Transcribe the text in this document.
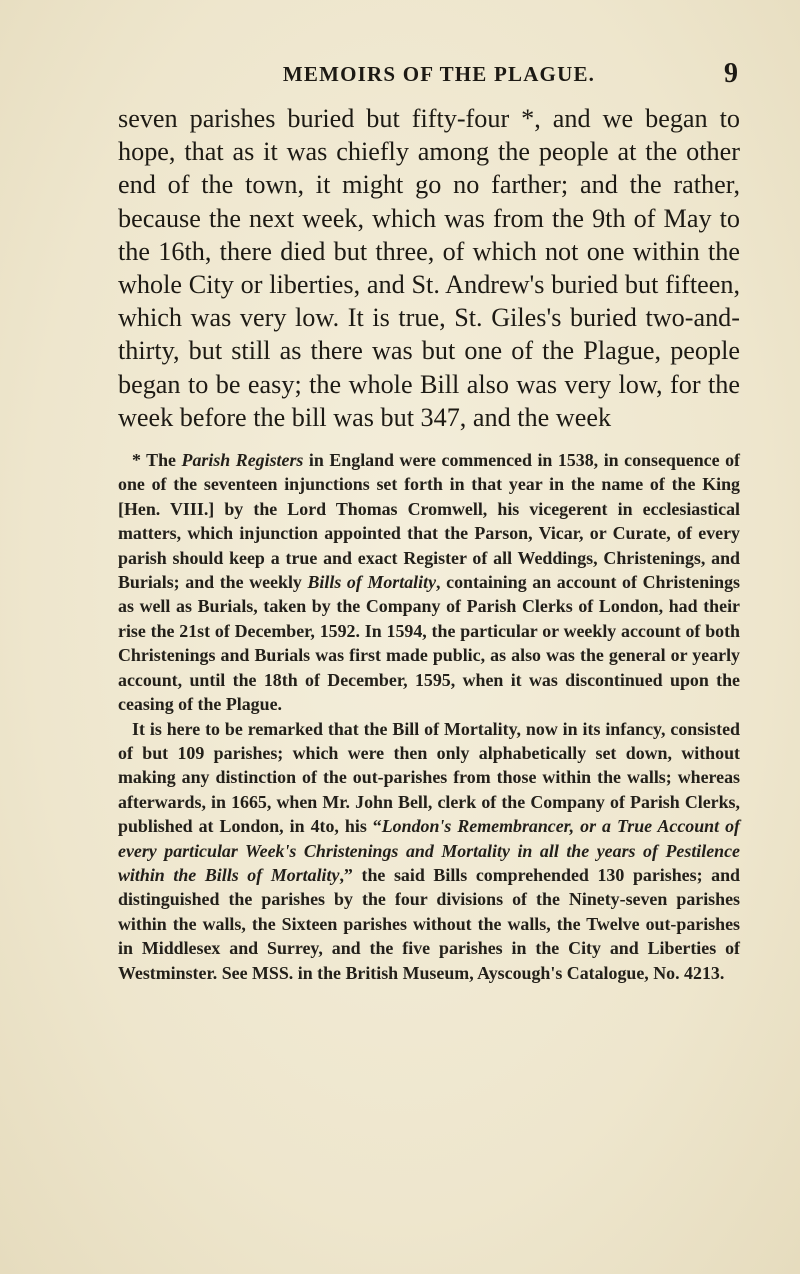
MEMOIRS OF THE PLAGUE.	9

seven parishes buried but fifty-four *, and we began to hope, that as it was chiefly among the people at the other end of the town, it might go no farther; and the rather, because the next week, which was from the 9th of May to the 16th, there died but three, of which not one within the whole City or liberties, and St. Andrew's buried but fifteen, which was very low. It is true, St. Giles's buried two-and-thirty, but still as there was but one of the Plague, people began to be easy; the whole Bill also was very low, for the week before the bill was but 347, and the week

* The Parish Registers in England were commenced in 1538, in consequence of one of the seventeen injunctions set forth in that year in the name of the King [Hen. VIII.] by the Lord Thomas Cromwell, his vicegerent in ecclesiastical matters, which injunction appointed that the Parson, Vicar, or Curate, of every parish should keep a true and exact Register of all Weddings, Christenings, and Burials; and the weekly Bills of Mortality, containing an account of Christenings as well as Burials, taken by the Company of Parish Clerks of London, had their rise the 21st of December, 1592. In 1594, the particular or weekly account of both Christenings and Burials was first made public, as also was the general or yearly account, until the 18th of December, 1595, when it was discontinued upon the ceasing of the Plague.

It is here to be remarked that the Bill of Mortality, now in its infancy, consisted of but 109 parishes; which were then only alphabetically set down, without making any distinction of the out-parishes from those within the walls; whereas afterwards, in 1665, when Mr. John Bell, clerk of the Company of Parish Clerks, published at London, in 4to, his “London's Remembrancer, or a True Account of every particular Week's Christenings and Mortality in all the years of Pestilence within the Bills of Mortality,” the said Bills comprehended 130 parishes; and distinguished the parishes by the four divisions of the Ninety-seven parishes within the walls, the Sixteen parishes without the walls, the Twelve out-parishes in Middlesex and Surrey, and the five parishes in the City and Liberties of Westminster. See MSS. in the British Museum, Ayscough's Catalogue, No. 4213.
